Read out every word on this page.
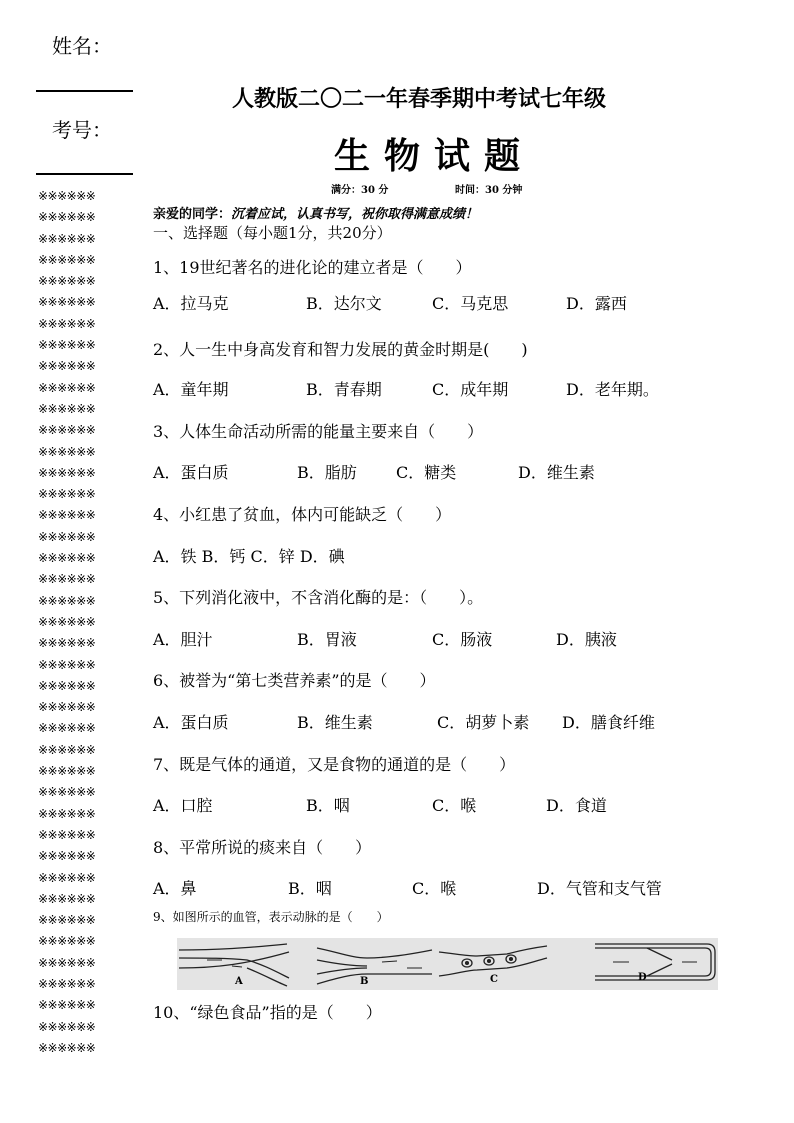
姓名：
考号：
※※※※※※
※※※※※※
※※※※※※
※※※※※※
※※※※※※
※※※※※※
※※※※※※
※※※※※※
※※※※※※
※※※※※※
※※※※※※
※※※※※※
※※※※※※
※※※※※※
※※※※※※
※※※※※※
※※※※※※
※※※※※※
※※※※※※
※※※※※※
※※※※※※
※※※※※※
※※※※※※
※※※※※※
※※※※※※
※※※※※※
※※※※※※
※※※※※※
※※※※※※
※※※※※※
※※※※※※
※※※※※※
※※※※※※
※※※※※※
※※※※※※
※※※※※※
※※※※※※
※※※※※※
※※※※※※
※※※※※※
※※※※※※
人教版二〇二一年春季期中考试七年级
生物试题
满分：30 分	时间：30 分钟
亲爱的同学：沉着应试，认真书写，祝你取得满意成绩！
一、选择题（每小题1分，共20分）
1、19世纪著名的进化论的建立者是（　　）
A．拉马克	B．达尔文	C．马克思	D．露西
2、人一生中身高发育和智力发展的黄金时期是(　　)
A．童年期	B．青春期	C．成年期	D．老年期。
3、人体生命活动所需的能量主要来自（　　）
A．蛋白质	B．脂肪 C．糖类	D．维生素
4、小红患了贫血，体内可能缺乏（　　）
A．铁 B．钙 C．锌 D．碘
5、下列消化液中，不含消化酶的是：（　　）。
A．胆汁	B．胃液	C．肠液	D．胰液
6、被誉为“第七类营养素”的是（　　）
A．蛋白质	B．维生素	C．胡萝卜素 D．膳食纤维
7、既是气体的通道，又是食物的通道的是（　　）
A．口腔	B．咽	C．喉	D．食道
8、平常所说的痰来自（　　）
A．鼻	B．咽	C．喉	D．气管和支气管
9、如图所示的血管，表示动脉的是（　　）
A	B	C	D
10、“绿色食品”指的是（　　）
